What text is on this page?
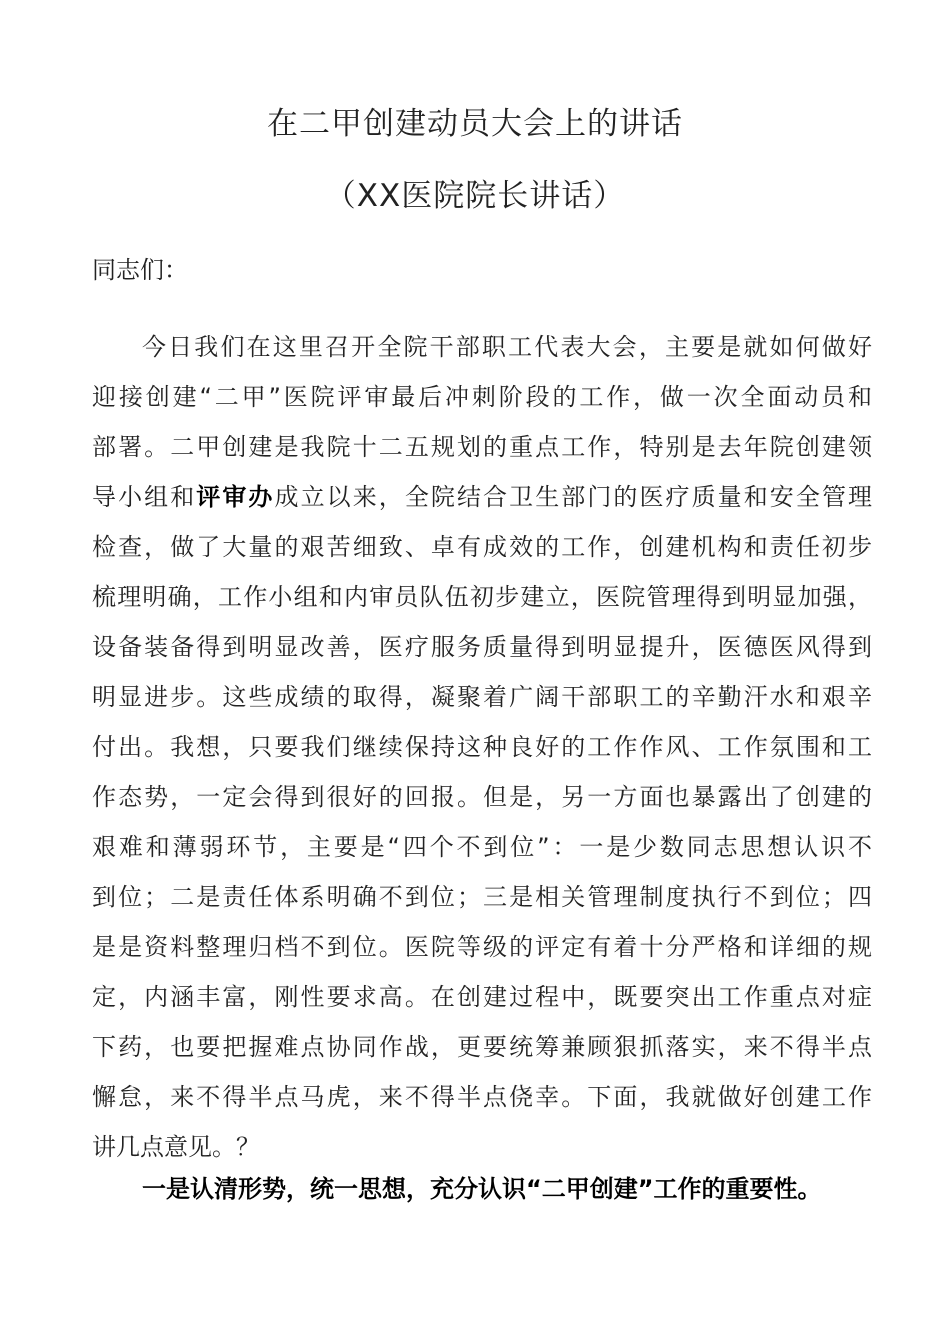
在二甲创建动员大会上的讲话
（XX医院院长讲话）
同志们：
今日我们在这里召开全院干部职工代表大会，主要是就如何做好
迎接创建“二甲”医院评审最后冲刺阶段的工作，做一次全面动员和
部署。二甲创建是我院十二五规划的重点工作，特别是去年院创建领
导小组和评审办成立以来，全院结合卫生部门的医疗质量和安全管理
检查，做了大量的艰苦细致、卓有成效的工作，创建机构和责任初步
梳理明确，工作小组和内审员队伍初步建立，医院管理得到明显加强，
设备装备得到明显改善，医疗服务质量得到明显提升，医德医风得到
明显进步。这些成绩的取得，凝聚着广阔干部职工的辛勤汗水和艰辛
付出。我想，只要我们继续保持这种良好的工作作风、工作氛围和工
作态势，一定会得到很好的回报。但是，另一方面也暴露出了创建的
艰难和薄弱环节，主要是“四个不到位”：一是少数同志思想认识不
到位；二是责任体系明确不到位；三是相关管理制度执行不到位；四
是是资料整理归档不到位。医院等级的评定有着十分严格和详细的规
定，内涵丰富，刚性要求高。在创建过程中，既要突出工作重点对症
下药，也要把握难点协同作战，更要统筹兼顾狠抓落实，来不得半点
懈怠，来不得半点马虎，来不得半点侥幸。下面，我就做好创建工作
讲几点意见。？
一是认清形势，统一思想，充分认识“二甲创建”工作的重要性。
